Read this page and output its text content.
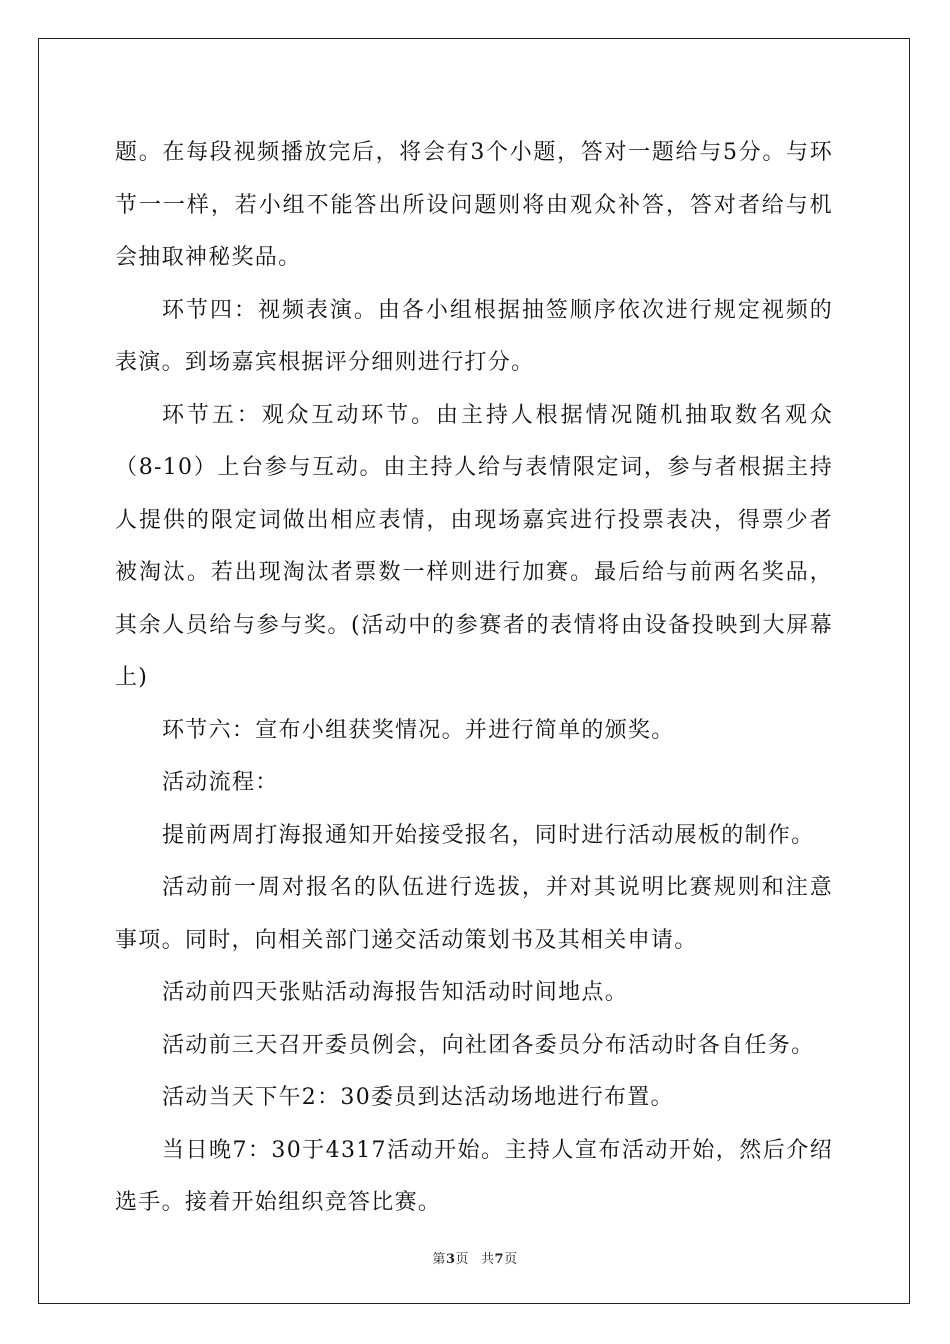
题。在每段视频播放完后，将会有3个小题，答对一题给与5分。与环节一一样，若小组不能答出所设问题则将由观众补答，答对者给与机会抽取神秘奖品。

环节四：视频表演。由各小组根据抽签顺序依次进行规定视频的表演。到场嘉宾根据评分细则进行打分。

环节五：观众互动环节。由主持人根据情况随机抽取数名观众（8-10）上台参与互动。由主持人给与表情限定词，参与者根据主持人提供的限定词做出相应表情，由现场嘉宾进行投票表决，得票少者被淘汰。若出现淘汰者票数一样则进行加赛。最后给与前两名奖品，其余人员给与参与奖。(活动中的参赛者的表情将由设备投映到大屏幕上)

环节六：宣布小组获奖情况。并进行简单的颁奖。

活动流程：

提前两周打海报通知开始接受报名，同时进行活动展板的制作。

活动前一周对报名的队伍进行选拔，并对其说明比赛规则和注意事项。同时，向相关部门递交活动策划书及其相关申请。

活动前四天张贴活动海报告知活动时间地点。

活动前三天召开委员例会，向社团各委员分布活动时各自任务。

活动当天下午2：30委员到达活动场地进行布置。

当日晚7：30于4317活动开始。主持人宣布活动开始，然后介绍选手。接着开始组织竞答比赛。

第3页 共7页
